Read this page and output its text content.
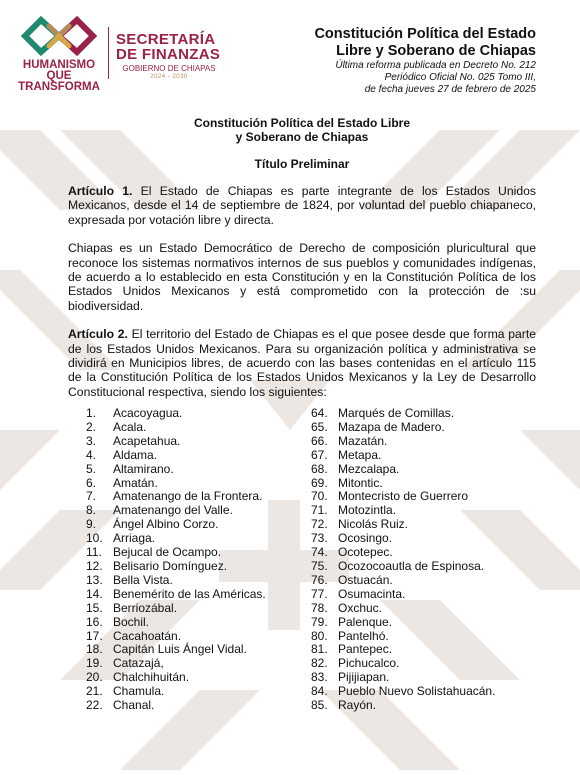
HUMANISMO QUE
TRANSFORMA
SECRETARÍA
DE FINANZAS
GOBIERNO DE CHIAPAS
2024 - 2030
Constitución Política del Estado
Libre y Soberano de Chiapas
Última reforma publicada en Decreto No. 212
Periódico Oficial No. 025 Tomo III,
de fecha jueves 27 de febrero de 2025
Constitución Política del Estado Libre
y Soberano de Chiapas
Título Preliminar

Artículo 1. El Estado de Chiapas es parte integrante de los Estados Unidos Mexicanos, desde el 14 de septiembre de 1824, por voluntad del pueblo chiapaneco, expresada por votación libre y directa.

Chiapas es un Estado Democrático de Derecho de composición pluricultural que reconoce los sistemas normativos internos de sus pueblos y comunidades indígenas, de acuerdo a lo establecido en esta Constitución y en la Constitución Política de los Estados Unidos Mexicanos y está comprometido con la protección de :su biodiversidad.

Artículo 2. El territorio del Estado de Chiapas es el que posee desde que forma parte de los Estados Unidos Mexicanos. Para su organización política y administrativa se dividirá en Municipios libres, de acuerdo con las bases contenidas en el artículo 115 de la Constitución Política de los Estados Unidos Mexicanos y la Ley de Desarrollo Constitucional respectiva, siendo los siguientes:

1. Acacoyagua.
2. Acala.
3. Acapetahua.
4. Aldama.
5. Altamirano.
6. Amatán.
7. Amatenango de la Frontera.
8. Amatenango del Valle.
9. Ángel Albino Corzo.
10. Arriaga.
11. Bejucal de Ocampo.
12. Belisario Domínguez.
13. Bella Vista.
14. Benemérito de las Américas.
15. Berriozábal.
16. Bochil.
17. Cacahoatán.
18. Capitán Luis Ángel Vidal.
19. Catazajá,
20. Chalchihuitán.
21. Chamula.
22. Chanal.
64. Marqués de Comillas.
65. Mazapa de Madero.
66. Mazatán.
67. Metapa.
68. Mezcalapa.
69. Mitontic.
70. Montecristo de Guerrero
71. Motozintla.
72. Nicolás Ruiz.
73. Ocosingo.
74. Ocotepec.
75. Ocozocoautla de Espinosa.
76. Ostuacán.
77. Osumacinta.
78. Oxchuc.
79. Palenque.
80. Pantelhó.
81. Pantepec.
82. Pichucalco.
83. Pijijiapan.
84. Pueblo Nuevo Solistahuacán.
85. Rayón.
